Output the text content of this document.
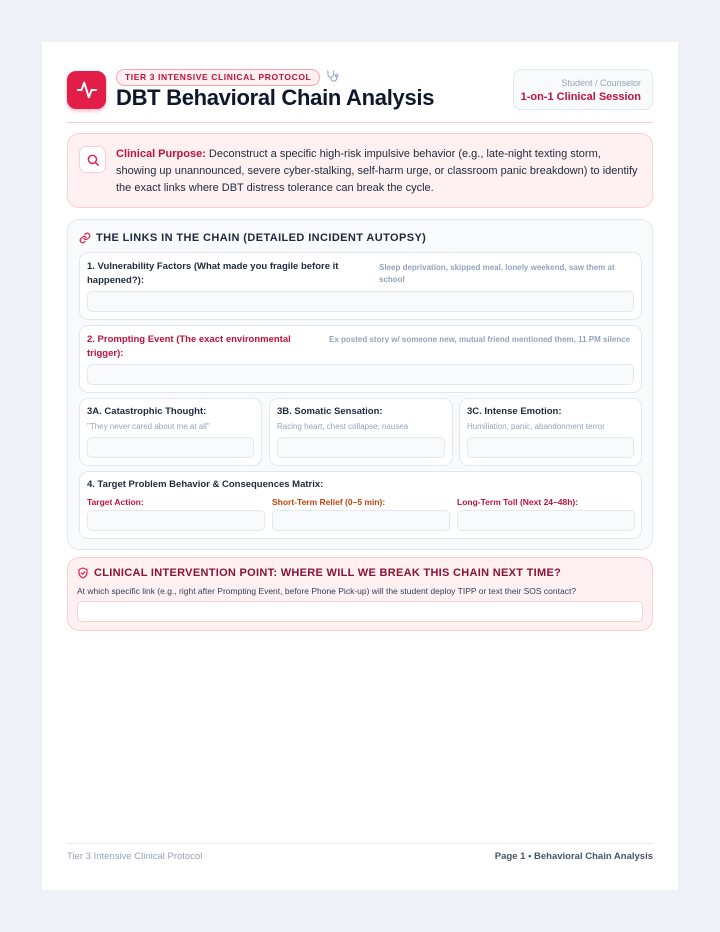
TIER 3 INTENSIVE CLINICAL PROTOCOL
DBT Behavioral Chain Analysis
Student / Counselor
1-on-1 Clinical Session
Clinical Purpose: Deconstruct a specific high-risk impulsive behavior (e.g., late-night texting storm, showing up unannounced, severe cyber-stalking, self-harm urge, or classroom panic breakdown) to identify the exact links where DBT distress tolerance can break the cycle.
THE LINKS IN THE CHAIN (DETAILED INCIDENT AUTOPSY)
1. Vulnerability Factors (What made you fragile before it happened?):
Sleep deprivation, skipped meal, lonely weekend, saw them at school
2. Prompting Event (The exact environmental trigger):
Ex posted story w/ someone new, mutual friend mentioned them, 11 PM silence
3A. Catastrophic Thought:
"They never cared about me at all"
3B. Somatic Sensation:
Racing heart, chest collapse, nausea
3C. Intense Emotion:
Humiliation, panic, abandonment terror
4. Target Problem Behavior & Consequences Matrix:
Target Action:	Short-Term Relief (0–5 min):	Long-Term Toll (Next 24–48h):
CLINICAL INTERVENTION POINT: WHERE WILL WE BREAK THIS CHAIN NEXT TIME?
At which specific link (e.g., right after Prompting Event, before Phone Pick-up) will the student deploy TIPP or text their SOS contact?
Tier 3 Intensive Clinical Protocol	Page 1 • Behavioral Chain Analysis
